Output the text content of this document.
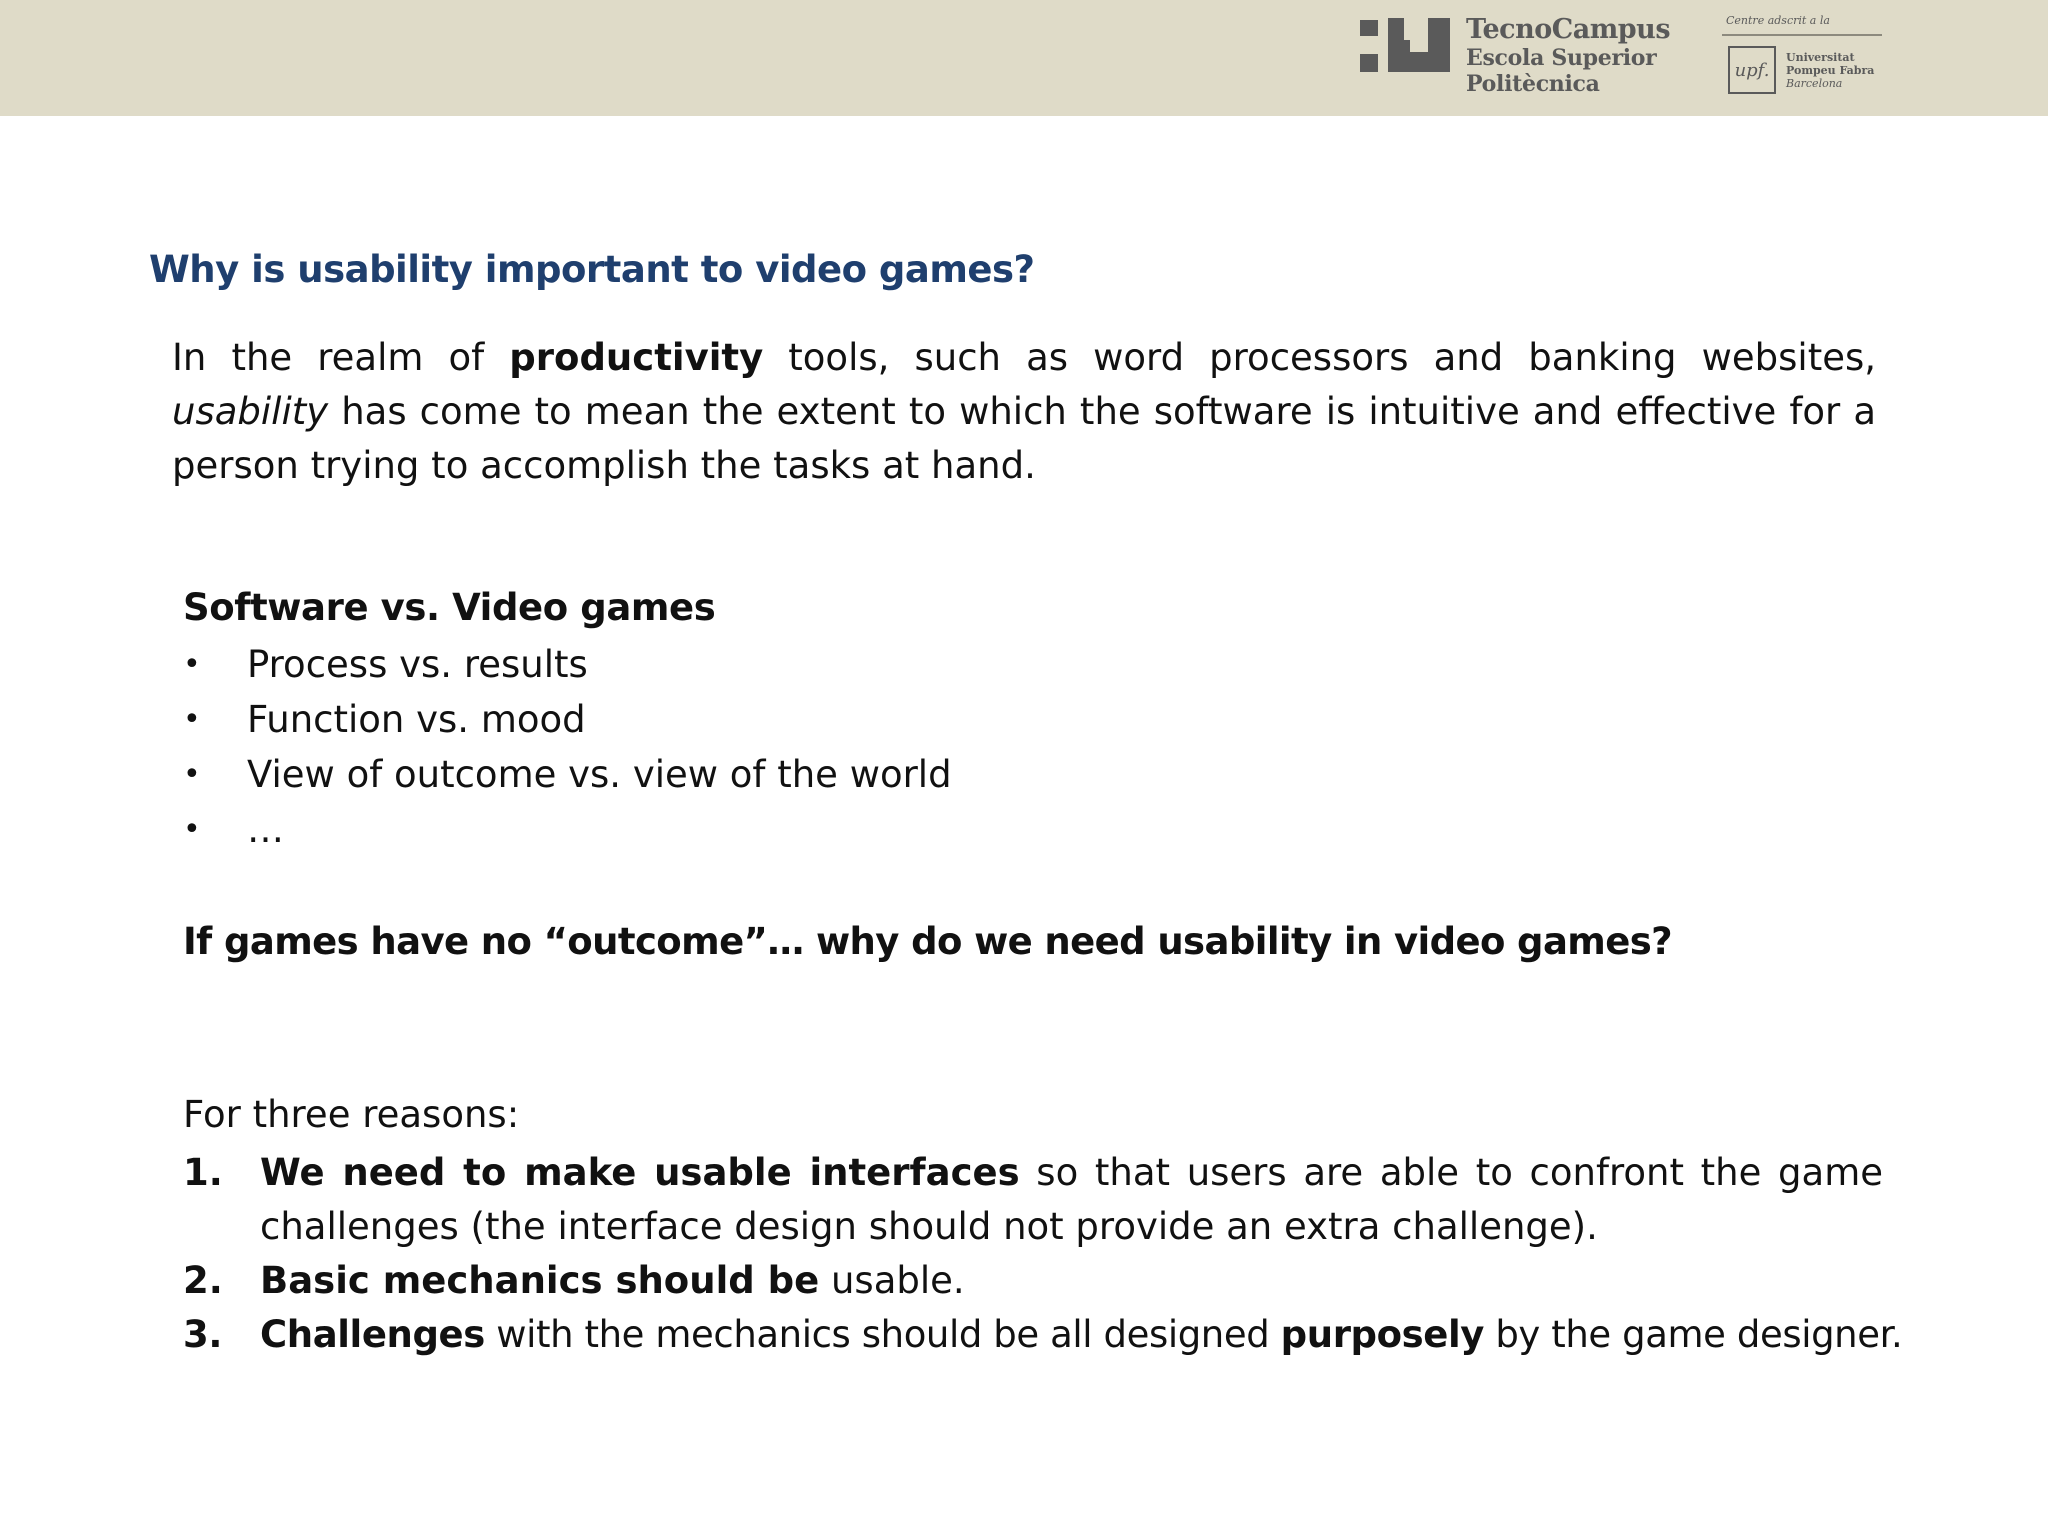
TecnoCampus
Escola Superior
Politècnica
Centre adscrit a la
upf.
Universitat
Pompeu Fabra
Barcelona
Why is usability important to video games?

In the realm of productivity tools, such as word processors and banking websites, usability has come to mean the extent to which the software is intuitive and effective for a person trying to accomplish the tasks at hand.

Software vs. Video games
• Process vs. results
• Function vs. mood
• View of outcome vs. view of the world
• …
If games have no “outcome”… why do we need usability in video games?
For three reasons:
1. We need to make usable interfaces so that users are able to confront the game challenges (the interface design should not provide an extra challenge).
2. Basic mechanics should be usable.
3. Challenges with the mechanics should be all designed purposely by the game designer.
